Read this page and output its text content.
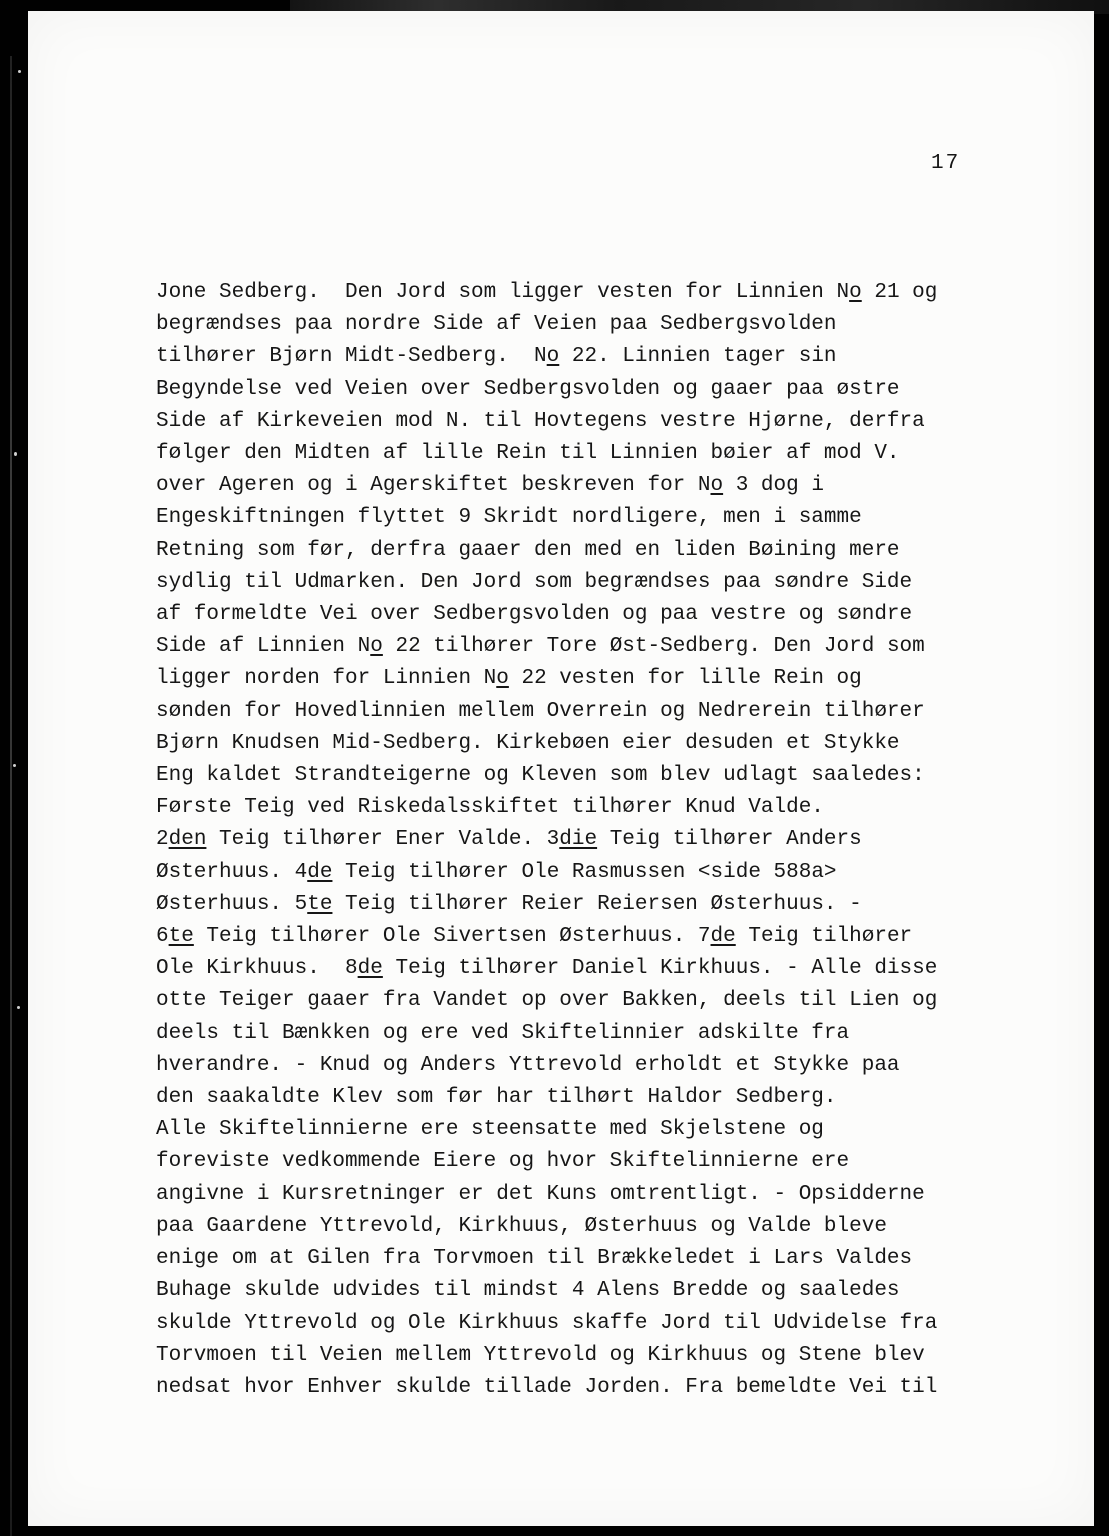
17
Jone Sedberg.  Den Jord som ligger vesten for Linnien No 21 og
begrændses paa nordre Side af Veien paa Sedbergsvolden
tilhører Bjørn Midt-Sedberg.  No 22. Linnien tager sin
Begyndelse ved Veien over Sedbergsvolden og gaaer paa østre
Side af Kirkeveien mod N. til Hovtegens vestre Hjørne, derfra
følger den Midten af lille Rein til Linnien bøier af mod V.
over Ageren og i Agerskiftet beskreven for No 3 dog i
Engeskiftningen flyttet 9 Skridt nordligere, men i samme
Retning som før, derfra gaaer den med en liden Bøining mere
sydlig til Udmarken. Den Jord som begrændses paa søndre Side
af formeldte Vei over Sedbergsvolden og paa vestre og søndre
Side af Linnien No 22 tilhører Tore Øst-Sedberg. Den Jord som
ligger norden for Linnien No 22 vesten for lille Rein og
sønden for Hovedlinnien mellem Overrein og Nedrerein tilhører
Bjørn Knudsen Mid-Sedberg. Kirkebøen eier desuden et Stykke
Eng kaldet Strandteigerne og Kleven som blev udlagt saaledes:
Første Teig ved Riskedalsskiftet tilhører Knud Valde.
2den Teig tilhører Ener Valde. 3die Teig tilhører Anders
Østerhuus. 4de Teig tilhører Ole Rasmussen <side 588a>
Østerhuus. 5te Teig tilhører Reier Reiersen Østerhuus. -
6te Teig tilhører Ole Sivertsen Østerhuus. 7de Teig tilhører
Ole Kirkhuus.  8de Teig tilhører Daniel Kirkhuus. - Alle disse
otte Teiger gaaer fra Vandet op over Bakken, deels til Lien og
deels til Bænkken og ere ved Skiftelinnier adskilte fra
hverandre. - Knud og Anders Yttrevold erholdt et Stykke paa
den saakaldte Klev som før har tilhørt Haldor Sedberg.
Alle Skiftelinnierne ere steensatte med Skjelstene og
foreviste vedkommende Eiere og hvor Skiftelinnierne ere
angivne i Kursretninger er det Kuns omtrentligt. - Opsidderne
paa Gaardene Yttrevold, Kirkhuus, Østerhuus og Valde bleve
enige om at Gilen fra Torvmoen til Brækkeledet i Lars Valdes
Buhage skulde udvides til mindst 4 Alens Bredde og saaledes
skulde Yttrevold og Ole Kirkhuus skaffe Jord til Udvidelse fra
Torvmoen til Veien mellem Yttrevold og Kirkhuus og Stene blev
nedsat hvor Enhver skulde tillade Jorden. Fra bemeldte Vei til
